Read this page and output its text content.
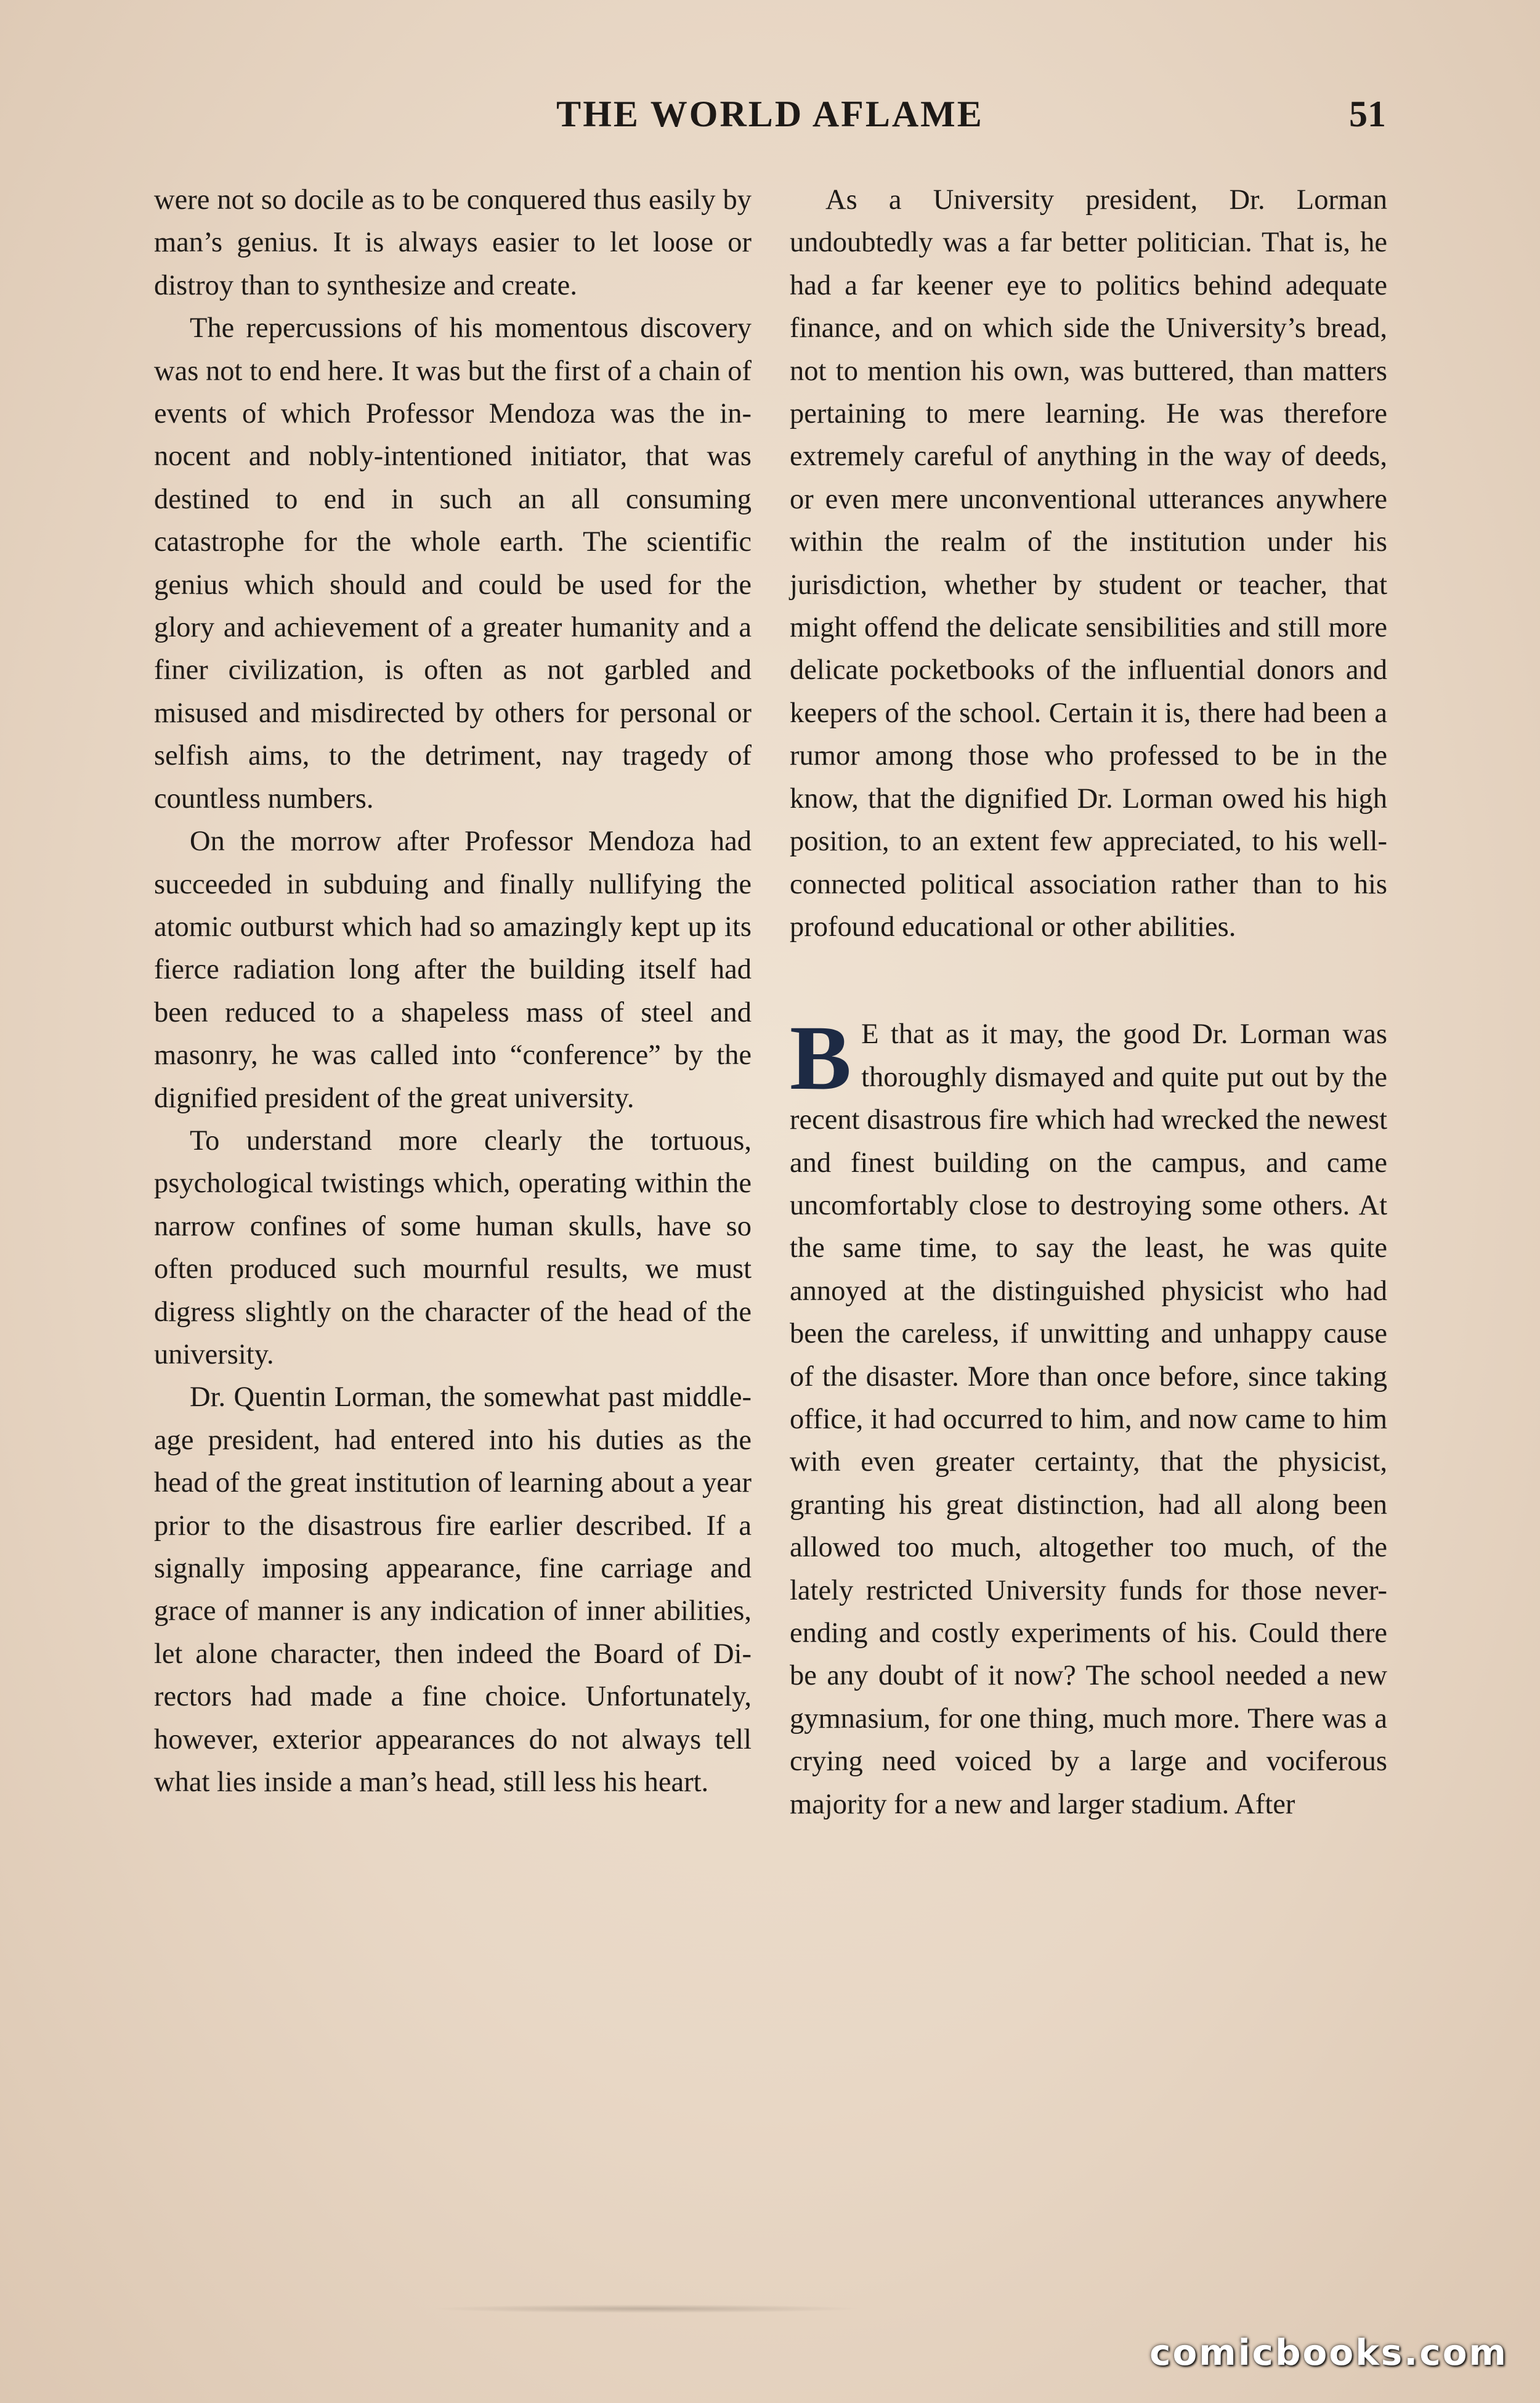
THE WORLD AFLAME	51

were not so docile as to be conquered thus easily by man’s genius. It is always easier to let loose or distroy than to synthesize and create.

The repercussions of his momentous discovery was not to end here. It was but the first of a chain of events of which Professor Mendoza was the innocent and nobly-intentioned initiator, that was destined to end in such an all consuming catastrophe for the whole earth. The scientific genius which should and could be used for the glory and achievement of a greater humanity and a finer civilization, is often as not garbled and misused and misdirected by others for personal or selfish aims, to the detriment, nay tragedy of countless numbers.

On the morrow after Professor Mendoza had succeeded in subduing and finally nullifying the atomic outburst which had so amazingly kept up its fierce radiation long after the building itself had been reduced to a shapeless mass of steel and masonry, he was called into “conference” by the dignified president of the great university.

To understand more clearly the tortuous, psychological twistings which, operating within the narrow confines of some human skulls, have so often produced such mournful results, we must digress slightly on the character of the head of the university.

Dr. Quentin Lorman, the somewhat past middle-age president, had entered into his duties as the head of the great institution of learning about a year prior to the disastrous fire earlier described. If a signally imposing appearance, fine carriage and grace of manner is any indication of inner abilities, let alone character, then indeed the Board of Directors had made a fine choice. Unfortunately, however, exterior appearances do not always tell what lies inside a man’s head, still less his heart.

As a University president, Dr. Lorman undoubtedly was a far better politician. That is, he had a far keener eye to politics behind adequate finance, and on which side the University’s bread, not to mention his own, was buttered, than matters pertaining to mere learning. He was therefore extremely careful of anything in the way of deeds, or even mere unconventional utterances anywhere within the realm of the institution under his jurisdiction, whether by student or teacher, that might offend the delicate sensibilities and still more delicate pocketbooks of the influential donors and keepers of the school. Certain it is, there had been a rumor among those who professed to be in the know, that the dignified Dr. Lorman owed his high position, to an extent few appreciated, to his well-connected political association rather than to his profound educational or other abilities.

B E that as it may, the good Dr. Lorman was thoroughly dismayed and quite put out by the recent disastrous fire which had wrecked the newest and finest building on the campus, and came uncomfortably close to destroying some others. At the same time, to say the least, he was quite annoyed at the distinguished physicist who had been the careless, if unwitting and unhappy cause of the disaster. More than once before, since taking office, it had occurred to him, and now came to him with even greater certainty, that the physicist, granting his great distinction, had all along been allowed too much, altogether too much, of the lately restricted University funds for those never-ending and costly experiments of his. Could there be any doubt of it now? The school needed a new gymnasium, for one thing, much more. There was a crying need voiced by a large and vociferous majority for a new and larger stadium. After

comicbooks.com
